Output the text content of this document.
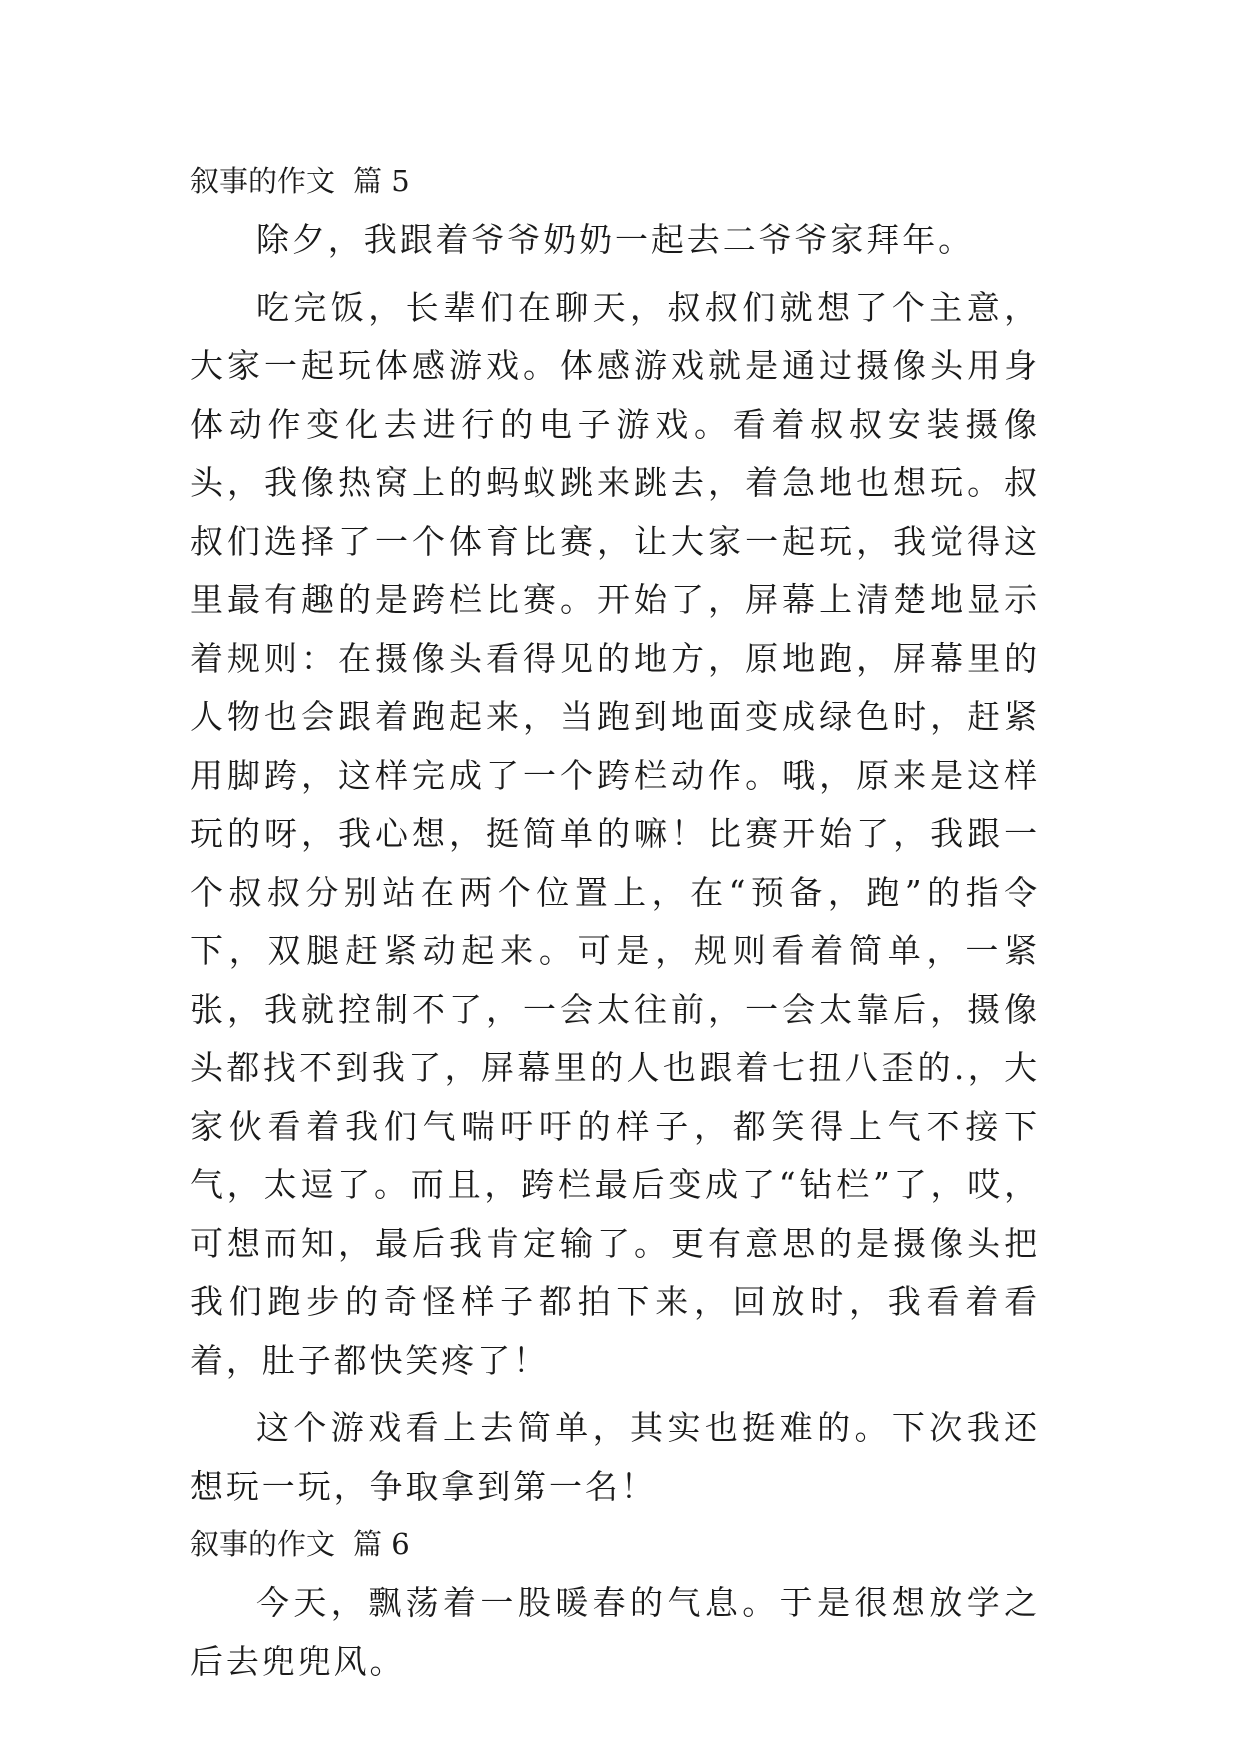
叙事的作文 篇 5

除夕，我跟着爷爷奶奶一起去二爷爷家拜年。

吃完饭，长辈们在聊天，叔叔们就想了个主意，大家一起玩体感游戏。体感游戏就是通过摄像头用身体动作变化去进行的电子游戏。看着叔叔安装摄像头，我像热窝上的蚂蚁跳来跳去，着急地也想玩。叔叔们选择了一个体育比赛，让大家一起玩，我觉得这里最有趣的是跨栏比赛。开始了，屏幕上清楚地显示着规则：在摄像头看得见的地方，原地跑，屏幕里的人物也会跟着跑起来，当跑到地面变成绿色时，赶紧用脚跨，这样完成了一个跨栏动作。哦，原来是这样玩的呀，我心想，挺简单的嘛！比赛开始了，我跟一个叔叔分别站在两个位置上，在“预备，跑”的指令下，双腿赶紧动起来。可是，规则看着简单，一紧张，我就控制不了，一会太往前，一会太靠后，摄像头都找不到我了，屏幕里的人也跟着七扭八歪的.，大家伙看着我们气喘吁吁的样子，都笑得上气不接下气，太逗了。而且，跨栏最后变成了“钻栏”了，哎，可想而知，最后我肯定输了。更有意思的是摄像头把我们跑步的奇怪样子都拍下来，回放时，我看着看着，肚子都快笑疼了！

这个游戏看上去简单，其实也挺难的。下次我还想玩一玩，争取拿到第一名！

叙事的作文 篇 6

今天，飘荡着一股暖春的气息。于是很想放学之后去兜兜风。
